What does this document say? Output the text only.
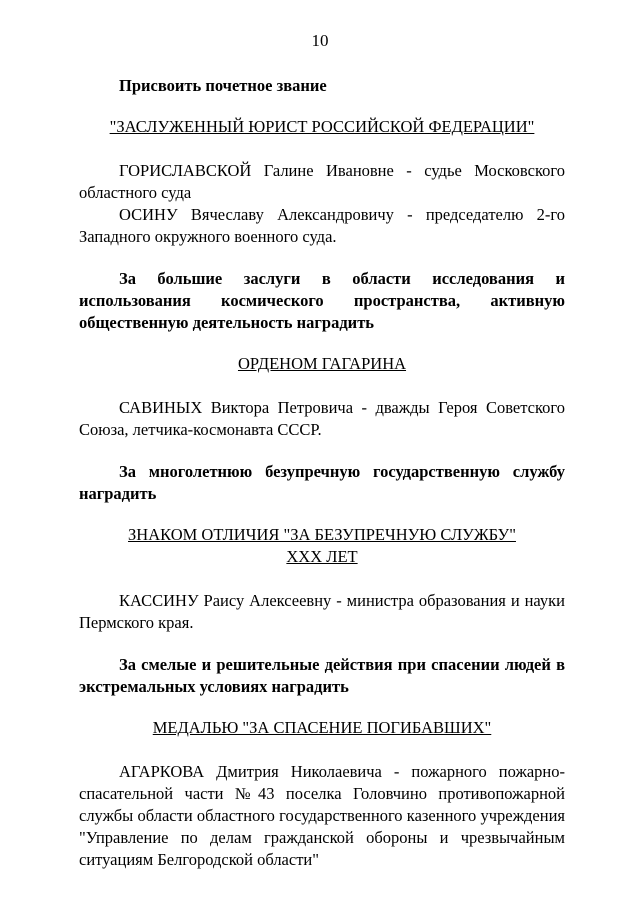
10

Присвоить почетное звание

"ЗАСЛУЖЕННЫЙ ЮРИСТ РОССИЙСКОЙ ФЕДЕРАЦИИ"

ГОРИСЛАВСКОЙ Галине Ивановне - судье Московского областного суда

ОСИНУ Вячеславу Александровичу - председателю 2-го Западного окружного военного суда.

За большие заслуги в области исследования и использования космического пространства, активную общественную деятельность наградить

ОРДЕНОМ ГАГАРИНА

САВИНЫХ Виктора Петровича - дважды Героя Советского Союза, летчика-космонавта СССР.

За многолетнюю безупречную государственную службу наградить

ЗНАКОМ ОТЛИЧИЯ "ЗА БЕЗУПРЕЧНУЮ СЛУЖБУ"

XXX ЛЕТ

КАССИНУ Раису Алексеевну - министра образования и науки Пермского края.

За смелые и решительные действия при спасении людей в экстремальных условиях наградить

МЕДАЛЬЮ "ЗА СПАСЕНИЕ ПОГИБАВШИХ"

АГАРКОВА Дмитрия Николаевича - пожарного пожарно-спасательной части №43 поселка Головчино противопожарной службы области областного государственного казенного учреждения "Управление по делам гражданской обороны и чрезвычайным ситуациям Белгородской области"
